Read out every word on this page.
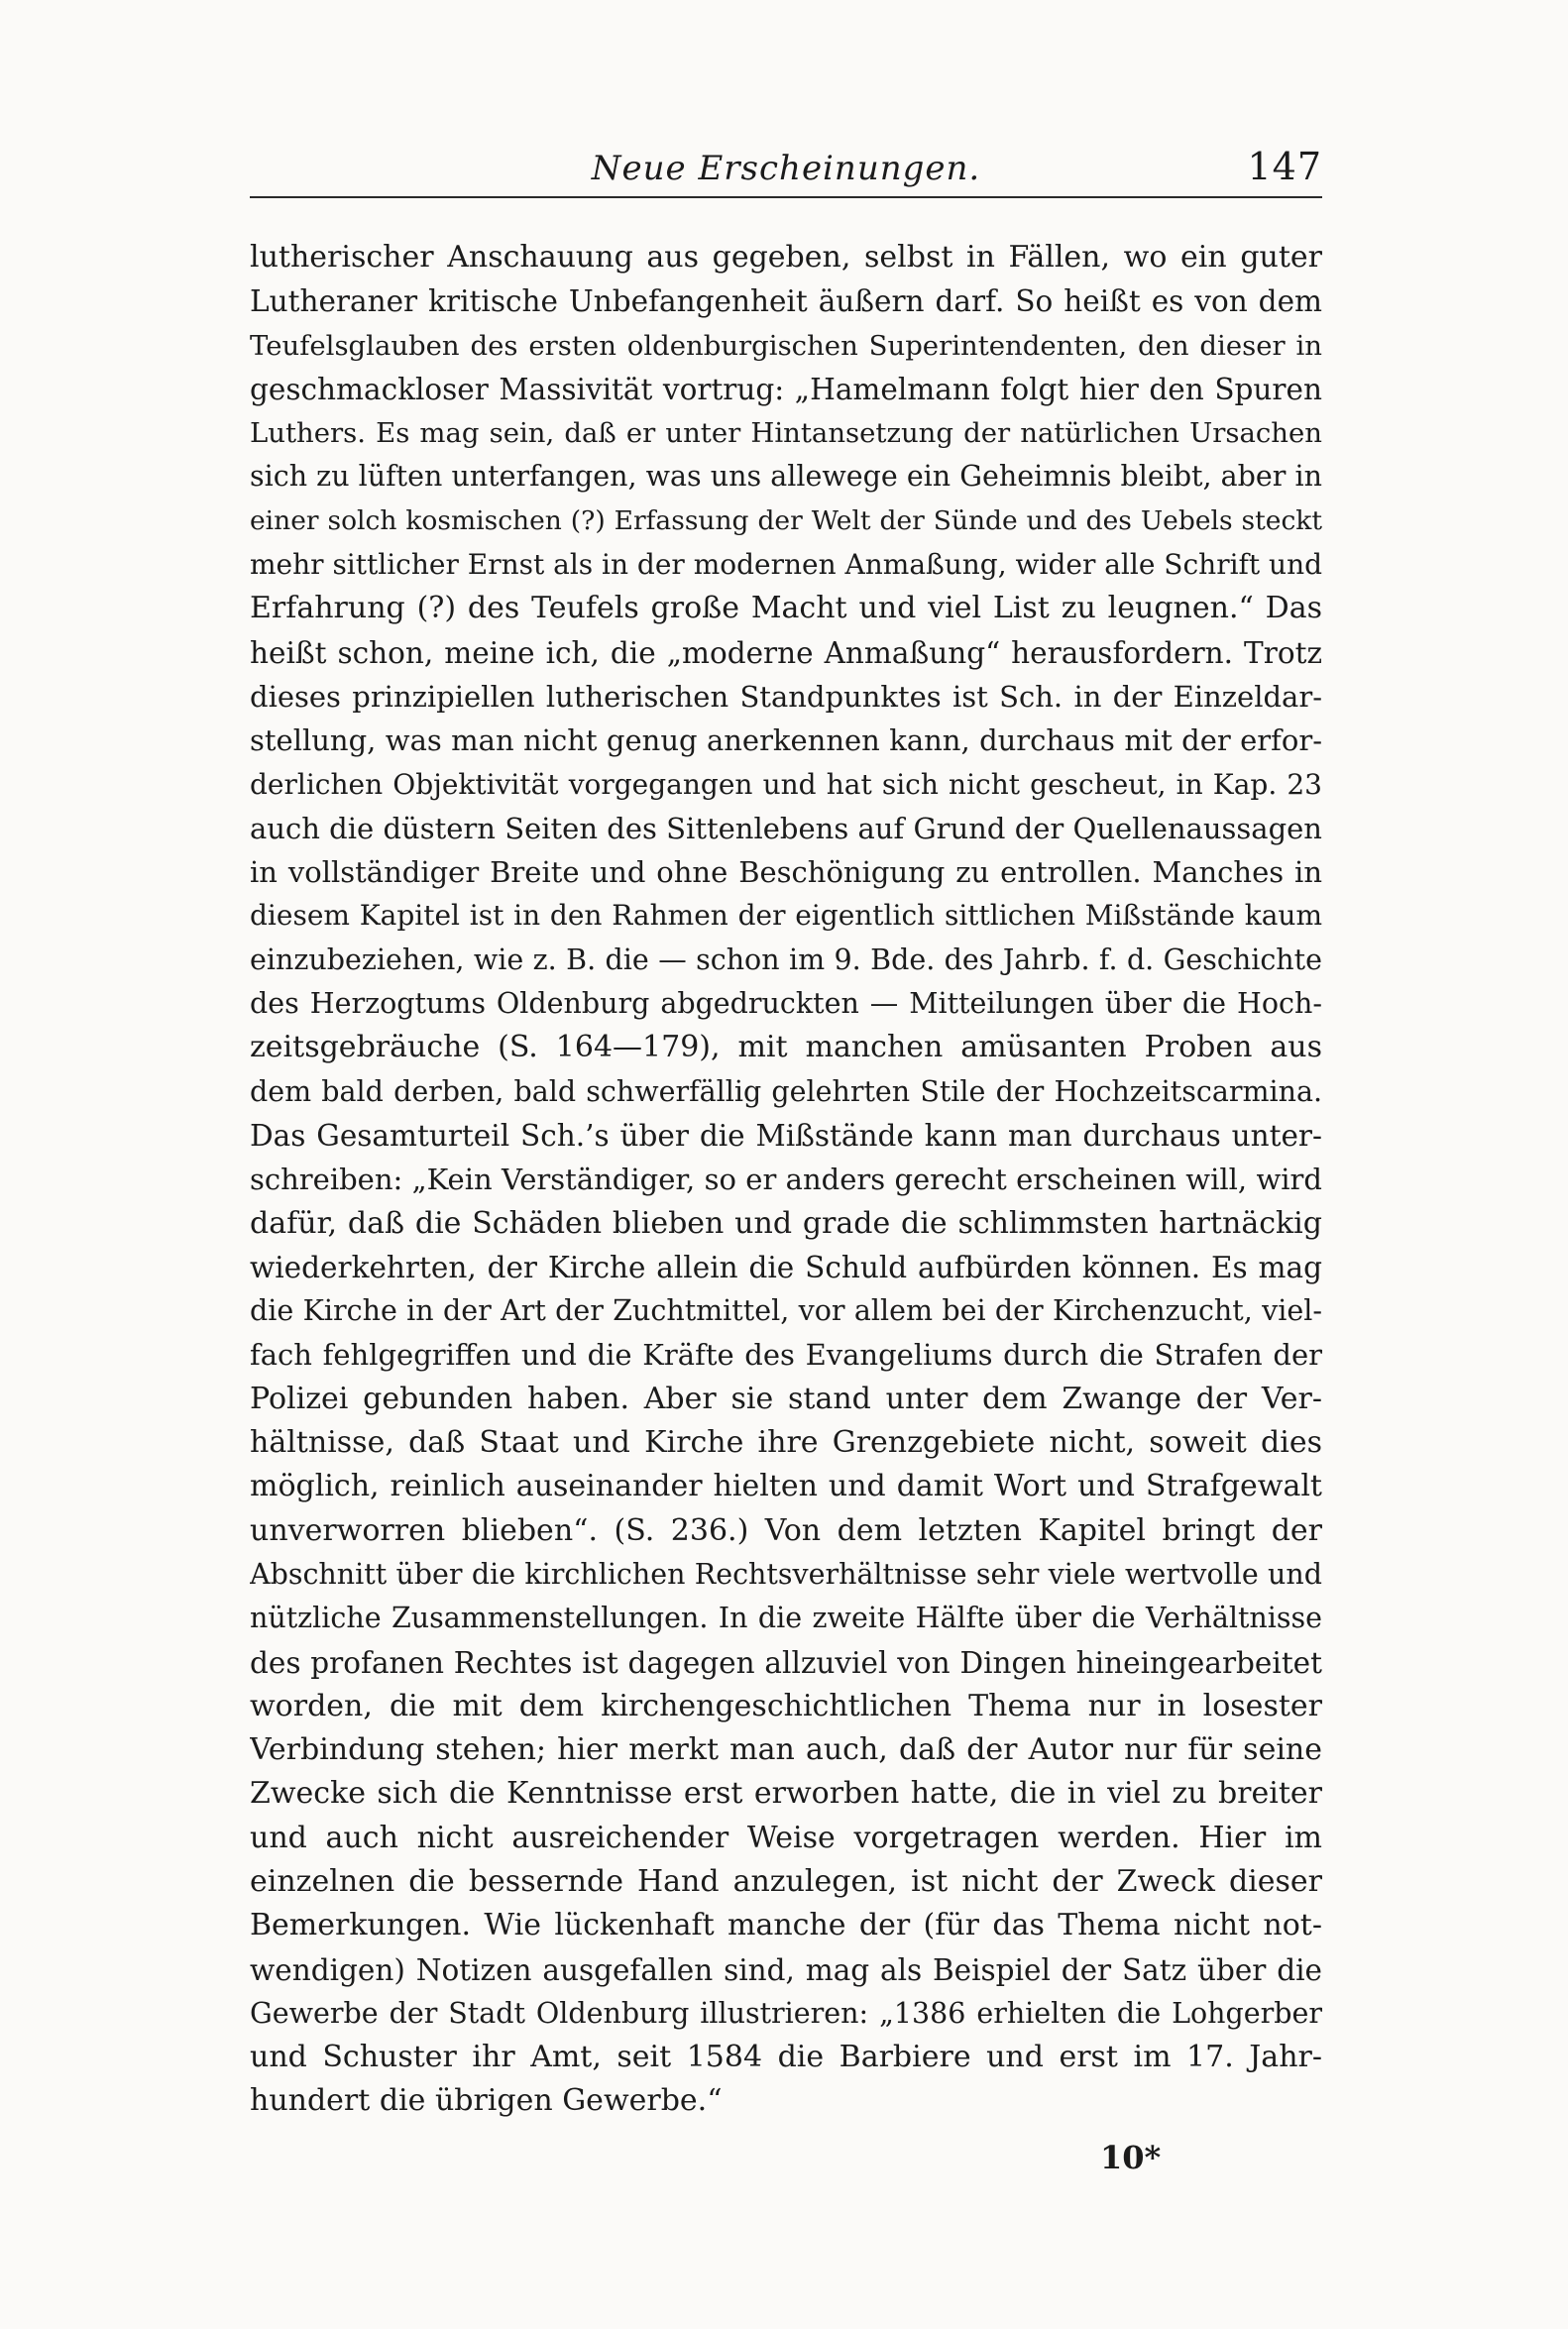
Neue Erscheinungen.	147
lutherischer Anschauung aus gegeben, selbst in Fällen, wo ein guter
Lutheraner kritische Unbefangenheit äußern darf. So heißt es von dem
Teufelsglauben des ersten oldenburgischen Superintendenten, den dieser in
geschmackloser Massivität vortrug: „Hamelmann folgt hier den Spuren
Luthers. Es mag sein, daß er unter Hintansetzung der natürlichen Ursachen
sich zu lüften unterfangen, was uns allewege ein Geheimnis bleibt, aber in
einer solch kosmischen (?) Erfassung der Welt der Sünde und des Uebels steckt
mehr sittlicher Ernst als in der modernen Anmaßung, wider alle Schrift und
Erfahrung (?) des Teufels große Macht und viel List zu leugnen.“ Das
heißt schon, meine ich, die „moderne Anmaßung“ herausfordern. Trotz
dieses prinzipiellen lutherischen Standpunktes ist Sch. in der Einzeldar-
stellung, was man nicht genug anerkennen kann, durchaus mit der erfor-
derlichen Objektivität vorgegangen und hat sich nicht gescheut, in Kap. 23
auch die düstern Seiten des Sittenlebens auf Grund der Quellenaussagen
in vollständiger Breite und ohne Beschönigung zu entrollen. Manches in
diesem Kapitel ist in den Rahmen der eigentlich sittlichen Mißstände kaum
einzubeziehen, wie z. B. die — schon im 9. Bde. des Jahrb. f. d. Geschichte
des Herzogtums Oldenburg abgedruckten — Mitteilungen über die Hoch-
zeitsgebräuche (S. 164—179), mit manchen amüsanten Proben aus
dem bald derben, bald schwerfällig gelehrten Stile der Hochzeitscarmina.
Das Gesamturteil Sch.’s über die Mißstände kann man durchaus unter-
schreiben: „Kein Verständiger, so er anders gerecht erscheinen will, wird
dafür, daß die Schäden blieben und grade die schlimmsten hartnäckig
wiederkehrten, der Kirche allein die Schuld aufbürden können. Es mag
die Kirche in der Art der Zuchtmittel, vor allem bei der Kirchenzucht, viel-
fach fehlgegriffen und die Kräfte des Evangeliums durch die Strafen der
Polizei gebunden haben. Aber sie stand unter dem Zwange der Ver-
hältnisse, daß Staat und Kirche ihre Grenzgebiete nicht, soweit dies
möglich, reinlich auseinander hielten und damit Wort und Strafgewalt
unverworren blieben“. (S. 236.) Von dem letzten Kapitel bringt der
Abschnitt über die kirchlichen Rechtsverhältnisse sehr viele wertvolle und
nützliche Zusammenstellungen. In die zweite Hälfte über die Verhältnisse
des profanen Rechtes ist dagegen allzuviel von Dingen hineingearbeitet
worden, die mit dem kirchengeschichtlichen Thema nur in losester
Verbindung stehen; hier merkt man auch, daß der Autor nur für seine
Zwecke sich die Kenntnisse erst erworben hatte, die in viel zu breiter
und auch nicht ausreichender Weise vorgetragen werden. Hier im
einzelnen die bessernde Hand anzulegen, ist nicht der Zweck dieser
Bemerkungen. Wie lückenhaft manche der (für das Thema nicht not-
wendigen) Notizen ausgefallen sind, mag als Beispiel der Satz über die
Gewerbe der Stadt Oldenburg illustrieren: „1386 erhielten die Lohgerber
und Schuster ihr Amt, seit 1584 die Barbiere und erst im 17. Jahr-
hundert die übrigen Gewerbe.“
10*
